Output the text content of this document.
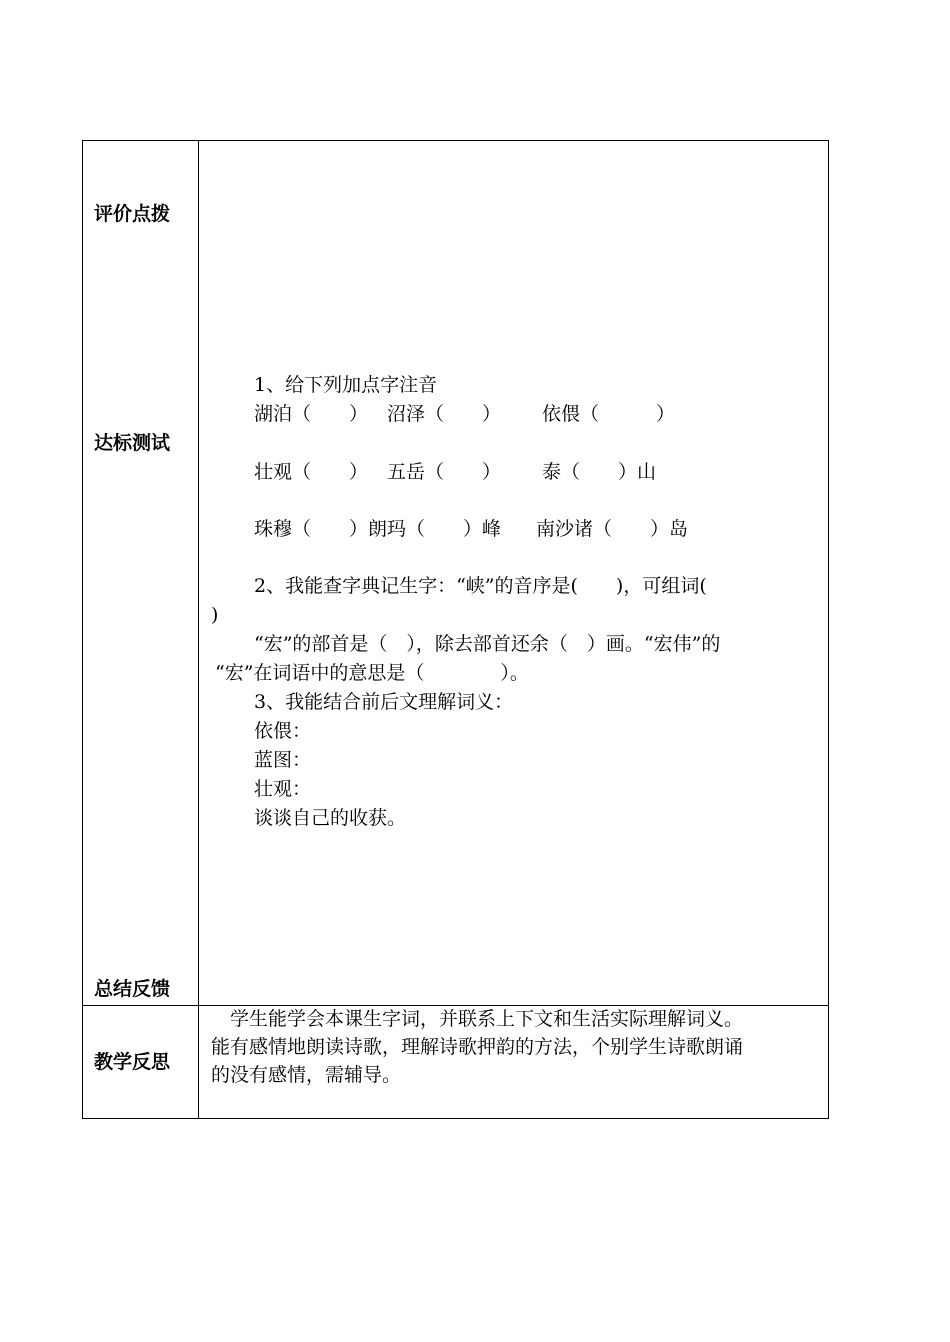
评价点拨
达标测试
总结反馈
教学反思
1、给下列加点字注音
湖泊（　　） 沼泽（　　） 依偎（　　　）
壮观（　　） 五岳（　　） 泰（　　）山
珠穆（　　）朗玛（　　）峰 南沙诸（　　）岛
2、我能查字典记生字：“峡”的音序是(　　)，可组词(
)
“宏”的部首是（　），除去部首还余（　）画。“宏伟”的
“宏”在词语中的意思是（　　　　）。
3、我能结合前后文理解词义：
依偎：
蓝图：
壮观：
谈谈自己的收获。

　学生能学会本课生字词，并联系上下文和生活实际理解词义。

能有感情地朗读诗歌，理解诗歌押韵的方法，个别学生诗歌朗诵

的没有感情，需辅导。
